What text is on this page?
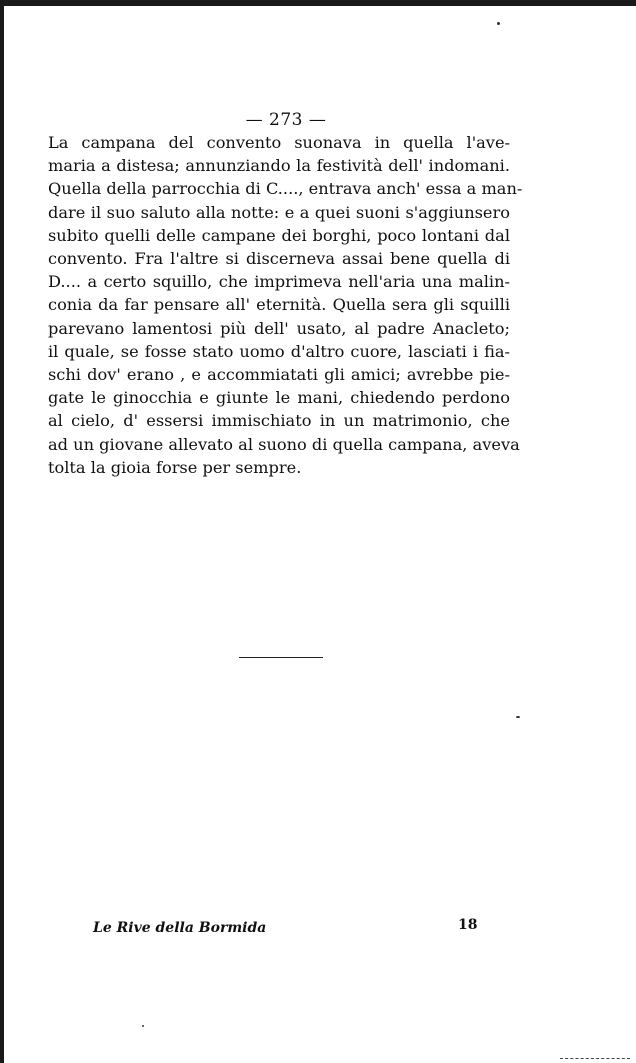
— 273 —
La campana del convento suonava in quella l'ave-
maria a distesa; annunziando la festività dell' indomani.
Quella della parrocchia di C...., entrava anch' essa a man-
dare il suo saluto alla notte: e a quei suoni s'aggiunsero
subito quelli delle campane dei borghi, poco lontani dal
convento. Fra l'altre si discerneva assai bene quella di
D.... a certo squillo, che imprimeva nell'aria una malin-
conia da far pensare all' eternità. Quella sera gli squilli
parevano lamentosi più dell' usato, al padre Anacleto;
il quale, se fosse stato uomo d'altro cuore, lasciati i fia-
schi dov' erano , e accommiatati gli amici; avrebbe pie-
gate le ginocchia e giunte le mani, chiedendo perdono
al cielo, d' essersi immischiato in un matrimonio, che
ad un giovane allevato al suono di quella campana, aveva
tolta la gioia forse per sempre.
Le Rive della Bormida	18
